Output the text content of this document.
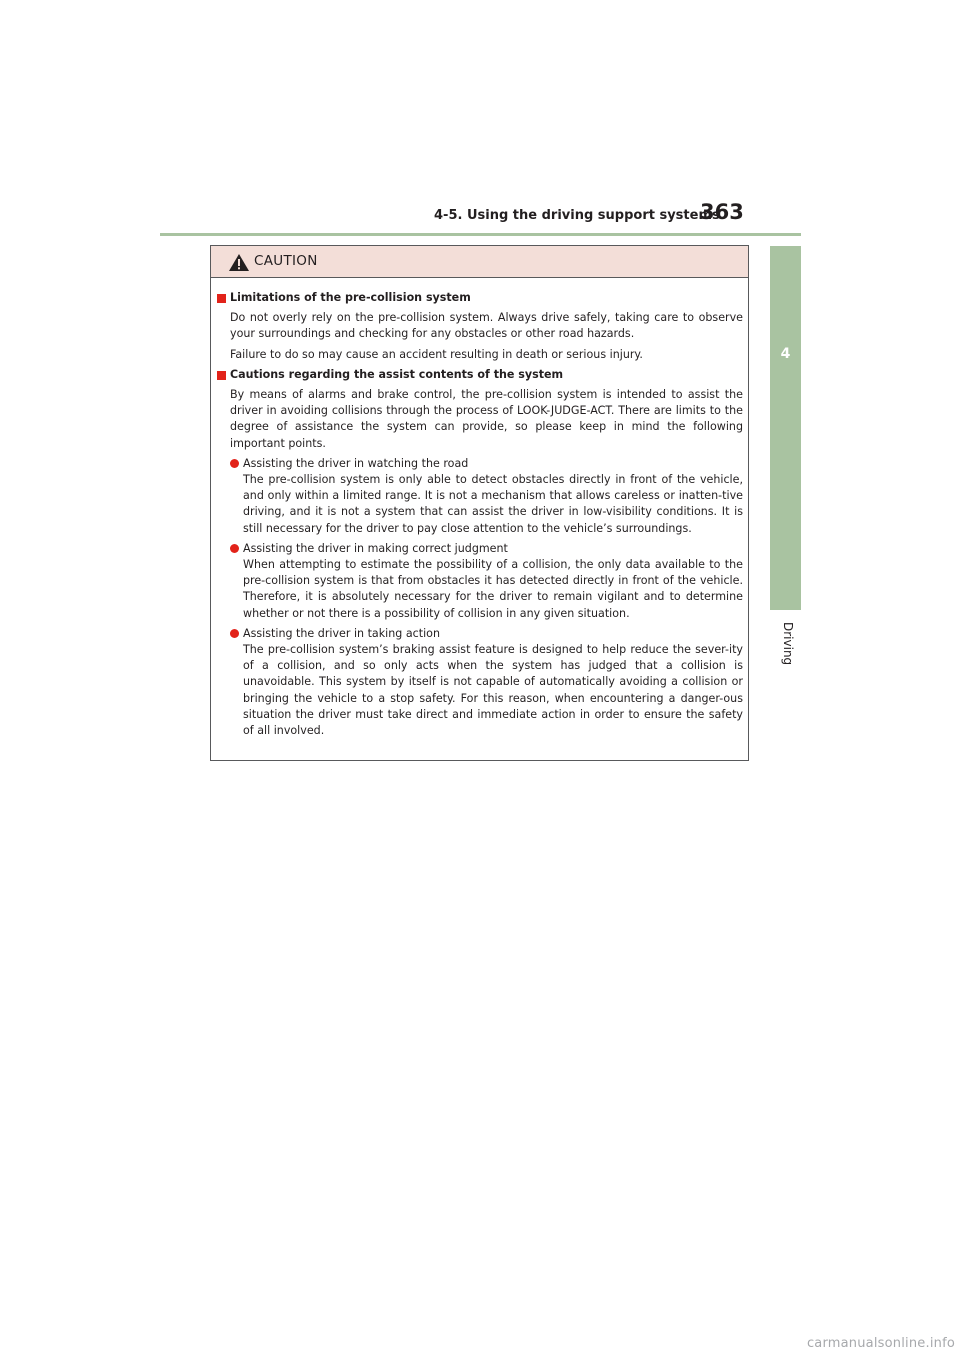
4-5. Using the driving support systems
363
4
Driving
CAUTION
Limitations of the pre-collision system
Do not overly rely on the pre-collision system. Always drive safely, taking care to observe your surroundings and checking for any obstacles or other road hazards.
Failure to do so may cause an accident resulting in death or serious injury.
Cautions regarding the assist contents of the system
By means of alarms and brake control, the pre-collision system is intended to assist the driver in avoiding collisions through the process of LOOK-JUDGE-ACT. There are limits to the degree of assistance the system can provide, so please keep in mind the following important points.
Assisting the driver in watching the road
The pre-collision system is only able to detect obstacles directly in front of the vehicle, and only within a limited range. It is not a mechanism that allows careless or inatten-tive driving, and it is not a system that can assist the driver in low-visibility conditions. It is still necessary for the driver to pay close attention to the vehicle’s surroundings.
Assisting the driver in making correct judgment
When attempting to estimate the possibility of a collision, the only data available to the pre-collision system is that from obstacles it has detected directly in front of the vehicle. Therefore, it is absolutely necessary for the driver to remain vigilant and to determine whether or not there is a possibility of collision in any given situation.
Assisting the driver in taking action
The pre-collision system’s braking assist feature is designed to help reduce the sever-ity of a collision, and so only acts when the system has judged that a collision is unavoidable. This system by itself is not capable of automatically avoiding a collision or bringing the vehicle to a stop safety. For this reason, when encountering a danger-ous situation the driver must take direct and immediate action in order to ensure the safety of all involved.
carmanualsonline.info
